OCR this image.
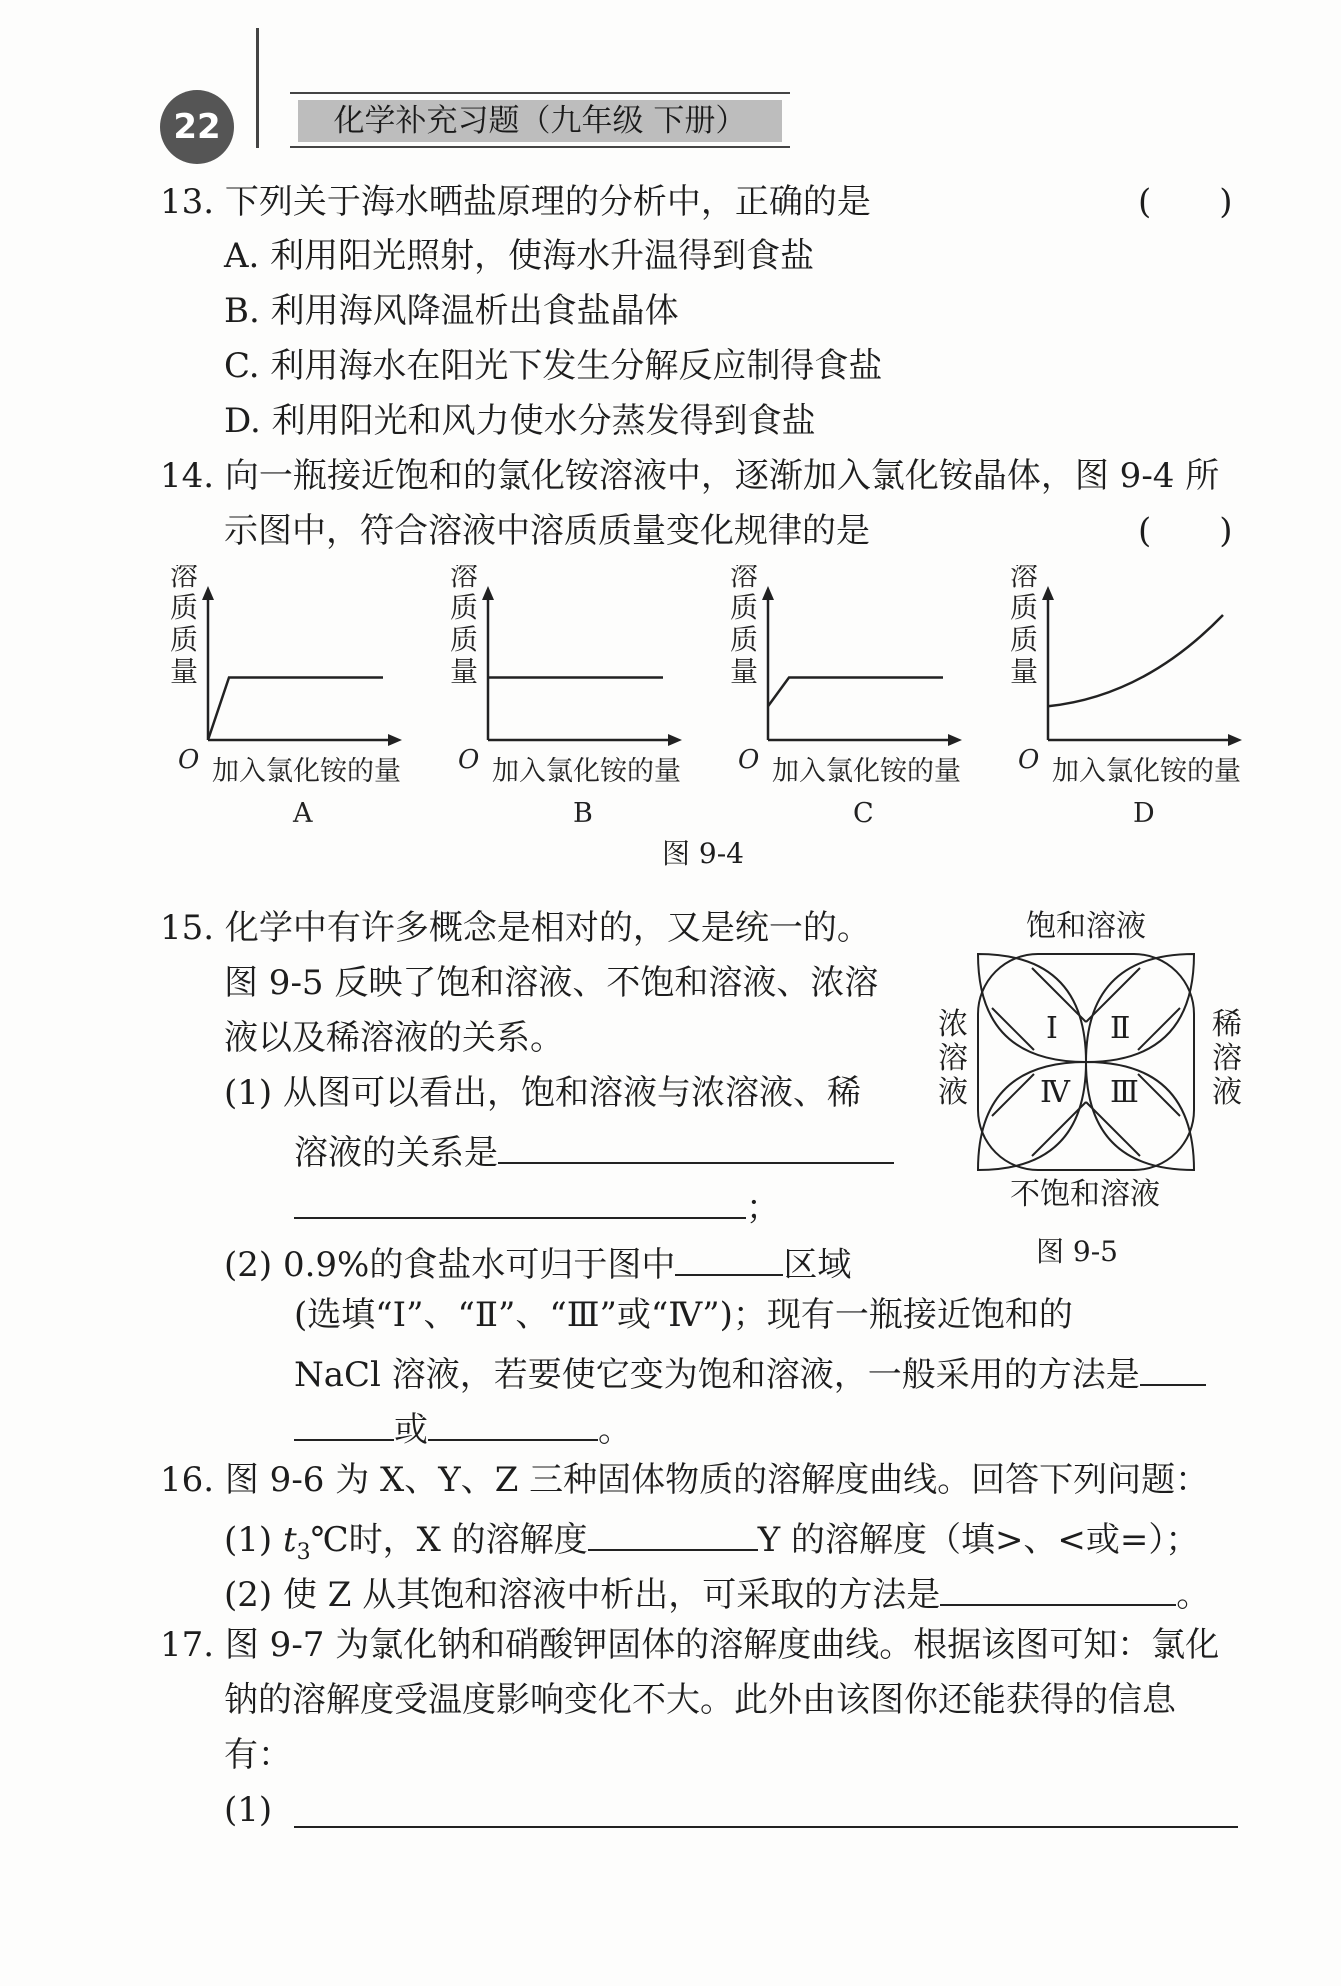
22	化学补充习题（九年级 下册）
13. 下列关于海水晒盐原理的分析中，正确的是	(　　)
A. 利用阳光照射，使海水升温得到食盐
B. 利用海风降温析出食盐晶体
C. 利用海水在阳光下发生分解反应制得食盐
D. 利用阳光和风力使水分蒸发得到食盐
14. 向一瓶接近饱和的氯化铵溶液中，逐渐加入氯化铵晶体，图 9-4 所
示图中，符合溶液中溶质质量变化规律的是	(　　)
溶
质
质
量
O 加入氯化铵的量
A
溶
质
质
量
O 加入氯化铵的量
B
溶
质
质
量
O 加入氯化铵的量
C
溶
质
质
量
O 加入氯化铵的量
D
图 9-4
15. 化学中有许多概念是相对的，又是统一的。
图 9-5 反映了饱和溶液、不饱和溶液、浓溶
液以及稀溶液的关系。
(1) 从图可以看出，饱和溶液与浓溶液、稀
溶液的关系是
；
(2) 0.9%的食盐水可归于图中	区域
(选填“Ⅰ”、“Ⅱ”、“Ⅲ”或“Ⅳ”)；现有一瓶接近饱和的
NaCl 溶液，若要使它变为饱和溶液，一般采用的方法是
或	。
饱和溶液
浓溶液
稀溶液
不饱和溶液
Ⅰ Ⅱ
Ⅲ
Ⅳ
图 9-5
16. 图 9-6 为 X、Y、Z 三种固体物质的溶解度曲线。回答下列问题：
(1) $t_3℃$时，X 的溶解度	Y 的溶解度（填>、<或=）；
(2) 使 Z 从其饱和溶液中析出，可采取的方法是	。
17. 图 9-7 为氯化钠和硝酸钾固体的溶解度曲线。根据该图可知：氯化
钠的溶解度受温度影响变化不大。此外由该图你还能获得的信息
有：
(1)
